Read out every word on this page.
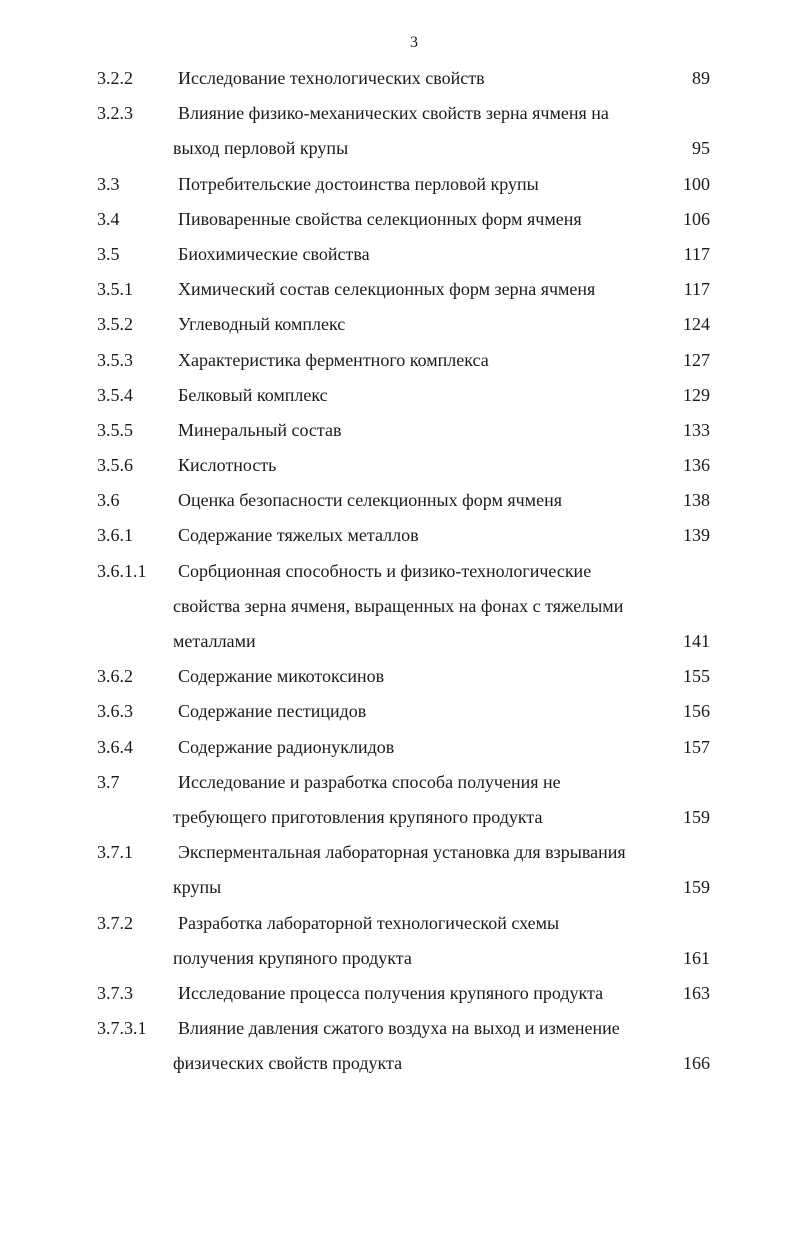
3
3.2.2	Исследование технологических свойств	89
3.2.3	Влияние физико-механических свойств зерна ячменя на
выход перловой крупы	95
3.3	Потребительские достоинства перловой крупы	100
3.4	Пивоваренные свойства селекционных форм ячменя	106
3.5	Биохимические свойства	117
3.5.1	Химический состав селекционных форм зерна ячменя	117
3.5.2	Углеводный комплекс	124
3.5.3	Характеристика ферментного комплекса	127
3.5.4	Белковый комплекс	129
3.5.5	Минеральный состав	133
3.5.6	Кислотность	136
3.6	Оценка безопасности селекционных форм ячменя	138
3.6.1	Содержание тяжелых металлов	139
3.6.1.1 Сорбционная способность и физико-технологические
свойства зерна ячменя, выращенных на фонах с тяжелыми
металлами	141
3.6.2	Содержание микотоксинов	155
3.6.3	Содержание пестицидов	156
3.6.4	Содержание радионуклидов	157
3.7	Исследование и разработка способа получения не
требующего приготовления крупяного продукта	159
3.7.1	Эксперментальная лабораторная установка для взрывания
крупы	159
3.7.2	Разработка лабораторной технологической схемы
получения крупяного продукта	161
3.7.3	Исследование процесса получения крупяного продукта	163
3.7.3.1 Влияние давления сжатого воздуха на выход и изменение
физических свойств продукта	166
